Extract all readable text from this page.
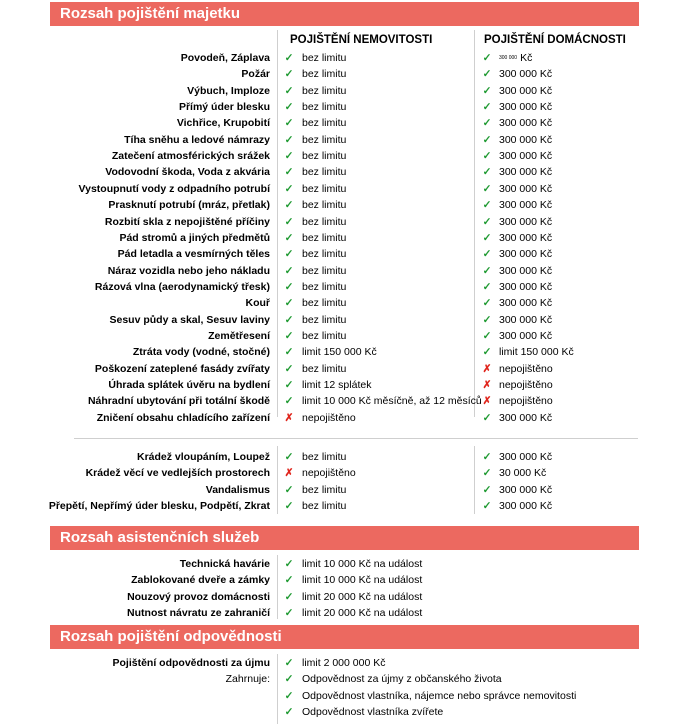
Rozsah pojištění majetku
POJIŠTĚNÍ NEMOVITOSTI	POJIŠTĚNÍ DOMÁCNOSTI
Povodeň, Záplava ✓ bez limitu	✓	300 000 Kč
Požár ✓ bez limitu	✓ 300 000 Kč
Výbuch, Imploze ✓ bez limitu	✓ 300 000 Kč
Přímý úder blesku ✓ bez limitu	✓ 300 000 Kč
Vichřice, Krupobití ✓ bez limitu	✓ 300 000 Kč
Tíha sněhu a ledové námrazy ✓ bez limitu	✓ 300 000 Kč
Zatečení atmosférických srážek ✓ bez limitu	✓ 300 000 Kč
Vodovodní škoda, Voda z akvária ✓ bez limitu	✓ 300 000 Kč
Vystoupnutí vody z odpadního potrubí ✓ bez limitu	✓ 300 000 Kč
Prasknutí potrubí (mráz, přetlak) ✓ bez limitu	✓ 300 000 Kč
Rozbití skla z nepojištěné příčiny ✓ bez limitu	✓ 300 000 Kč
Pád stromů a jiných předmětů ✓ bez limitu	✓ 300 000 Kč
Pád letadla a vesmírných těles ✓ bez limitu	✓ 300 000 Kč
Náraz vozidla nebo jeho nákladu ✓ bez limitu	✓ 300 000 Kč
Rázová vlna (aerodynamický třesk) ✓ bez limitu	✓ 300 000 Kč
Kouř ✓ bez limitu	✓ 300 000 Kč
Sesuv půdy a skal, Sesuv laviny ✓ bez limitu	✓ 300 000 Kč
Zemětřesení ✓ bez limitu	✓ 300 000 Kč
Ztráta vody (vodné, stočné) ✓ limit 150 000 Kč	✓ limit 150 000 Kč
Poškození zateplené fasády zvířaty ✓ bez limitu	✗ nepojištěno
Úhrada splátek úvěru na bydlení ✓ limit 12 splátek	✗ nepojištěno
Náhradní ubytování při totální škodě ✓ limit 10 000 Kč měsíčně, až 12 měsíců ✗ nepojištěno
Zničení obsahu chladícího zařízení ✗ nepojištěno	✓ 300 000 Kč
Krádež vloupáním, Loupež ✓ bez limitu	✓ 300 000 Kč
Krádež věcí ve vedlejších prostorech ✗ nepojištěno	✓ 30 000 Kč
Vandalismus ✓ bez limitu	✓ 300 000 Kč
Přepětí, Nepřímý úder blesku, Podpětí, Zkrat ✓ bez limitu	✓ 300 000 Kč
Rozsah asistenčních služeb
Technická havárie ✓ limit 10 000 Kč na událost
Zablokované dveře a zámky ✓ limit 10 000 Kč na událost
Nouzový provoz domácnosti ✓ limit 20 000 Kč na událost
Nutnost návratu ze zahraničí ✓ limit 20 000 Kč na událost
Rozsah pojištění odpovědnosti
Pojištění odpovědnosti za újmu ✓ limit 2 000 000 Kč
Zahrnuje: ✓ Odpovědnost za újmy z občanského života
✓ Odpovědnost vlastníka, nájemce nebo správce nemovitosti
✓ Odpovědnost vlastníka zvířete
